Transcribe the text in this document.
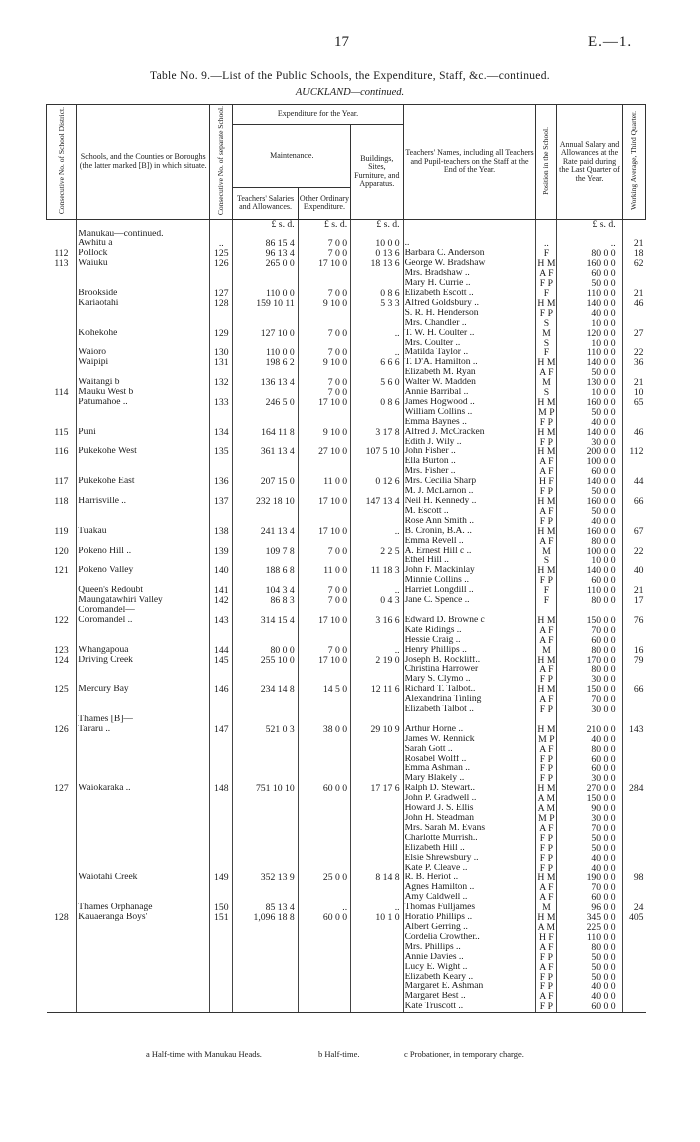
17	E.—1.
Table No. 9.—List of the Public Schools, the Expenditure, Staff, &c.—continued.
AUCKLAND—continued.
Consecutive No. of School District.	Schools, and the Counties or Boroughs (the latter marked [B]) in which situate.	Consecutive No. of separate School.	Expenditure for the Year.			Teachers' Names, including all Teachers and Pupil-teachers on the Staff at the End of the Year.	Position in the School.	Annual Salary and Allowances at the Rate paid during the Last Quarter of the Year.	Working Average, Third Quarter.
			Maintenance.		Buildings, Sites, Furniture, and Apparatus.				
			Teachers' Salaries and Allowances.	Other Ordinary Expenditure.					
			£ s. d.	£ s. d.	£ s. d.			£ s. d.	
	Manukau—continued.								
	Awhitu a	..	86 15 4	7 0 0	10 0 0	..	..	..	21
112	Pollock	125	96 13 4	7 0 0	0 13 6	Barbara C. Anderson	F	80 0 0	18
113	Waiuku	126	265 0 0	17 10 0	18 13 6	George W. Bradshaw	H M	160 0 0	62
						Mrs. Bradshaw ..	A F	60 0 0	
						Mary H. Currie ..	F P	50 0 0	
	Brookside	127	110 0 0	7 0 0	0 8 6	Elizabeth Escott ..	F	110 0 0	21
	Kariaotahi	128	159 10 11	9 10 0	5 3 3	Alfred Goldsbury ..	H M	140 0 0	46
						S. R. H. Henderson	F P	40 0 0	
						Mrs. Chandler ..	S	10 0 0	
	Kohekohe	129	127 10 0	7 0 0	..	T. W. H. Coulter ..	M	120 0 0	27
						Mrs. Coulter ..	S	10 0 0	
	Waioro	130	110 0 0	7 0 0	..	Matilda Taylor ..	F	110 0 0	22
	Waipipi	131	198 6 2	9 10 0	6 6 6	T. D'A. Hamilton ..	H M	140 0 0	36
						Elizabeth M. Ryan	A F	50 0 0	
	Waitangi b	132	136 13 4	7 0 0	5 6 0	Walter W. Madden	M	130 0 0	21
114	Mauku West b			7 0 0		Annie Barribal ..	S	10 0 0	10
	Patumahoe ..	133	246 5 0	17 10 0	0 8 6	James Hogwood ..	H M	160 0 0	65
						William Collins ..	M P	50 0 0	
						Emma Baynes ..	F P	40 0 0	
115	Puni	134	164 11 8	9 10 0	3 17 8	Alfred J. McCracken	H M	140 0 0	46
						Edith J. Wily ..	F P	30 0 0	
116	Pukekohe West	135	361 13 4	27 10 0	107 5 10	John Fisher ..	H M	200 0 0	112
						Ella Burton ..	A F	100 0 0	
						Mrs. Fisher ..	A F	60 0 0	
117	Pukekohe East	136	207 15 0	11 0 0	0 12 6	Mrs. Cecilia Sharp	H F	140 0 0	44
						M. J. McLarnon ..	F P	50 0 0	
118	Harrisville ..	137	232 18 10	17 10 0	147 13 4	Neil H. Kennedy ..	H M	160 0 0	66
						M. Escott ..	A F	50 0 0	
						Rose Ann Smith ..	F P	40 0 0	
119	Tuakau	138	241 13 4	17 10 0	..	B. Cronin, B.A. ..	H M	160 0 0	67
						Emma Revell ..	A F	80 0 0	
120	Pokeno Hill ..	139	109 7 8	7 0 0	2 2 5	A. Ernest Hill c ..	M	100 0 0	22
						Ethel Hill ..	S	10 0 0	
121	Pokeno Valley	140	188 6 8	11 0 0	11 18 3	John F. Mackinlay	H M	140 0 0	40
						Minnie Collins ..	F P	60 0 0	
	Queen's Redoubt	141	104 3 4	7 0 0	..	Harriet Longdill ..	F	110 0 0	21
	Maungatawhiri Valley	142	86 8 3	7 0 0	0 4 3	Jane C. Spence ..	F	80 0 0	17
	Coromandel—								
122	Coromandel ..	143	314 15 4	17 10 0	3 16 6	Edward D. Browne c	H M	150 0 0	76
						Kate Ridings ..	A F	70 0 0	
						Hessie Craig ..	A F	60 0 0	
123	Whangapoua	144	80 0 0	7 0 0	..	Henry Phillips ..	M	80 0 0	16
124	Driving Creek	145	255 10 0	17 10 0	2 19 0	Joseph B. Rockliff..	H M	170 0 0	79
						Christina Harrower	A F	80 0 0	
						Mary S. Clymo ..	F P	30 0 0	
125	Mercury Bay	146	234 14 8	14 5 0	12 11 6	Richard T. Talbot..	H M	150 0 0	66
						Alexandrina Tinling	A F	70 0 0	
						Elizabeth Talbot ..	F P	30 0 0	
	Thames [B]—								
126	Tararu ..	147	521 0 3	38 0 0	29 10 9	Arthur Horne ..	H M	210 0 0	143
						James W. Rennick	M P	40 0 0	
						Sarah Gott ..	A F	80 0 0	
						Rosabel Wolff ..	F P	60 0 0	
						Emma Ashman ..	F P	60 0 0	
						Mary Blakely ..	F P	30 0 0	
127	Waiokaraka ..	148	751 10 10	60 0 0	17 17 6	Ralph D. Stewart..	H M	270 0 0	284
						John P. Gradwell ..	A M	150 0 0	
						Howard J. S. Ellis	A M	90 0 0	
						John H. Steadman	M P	30 0 0	
						Mrs. Sarah M. Evans	A F	70 0 0	
						Charlotte Murrish..	F P	50 0 0	
						Elizabeth Hill ..	F P	50 0 0	
						Elsie Shrewsbury ..	F P	40 0 0	
						Kate P. Cleave ..	F P	40 0 0	
	Waiotahi Creek	149	352 13 9	25 0 0	8 14 8	R. B. Heriot ..	H M	190 0 0	98
						Agnes Hamilton ..	A F	70 0 0	
						Amy Caldwell ..	A F	60 0 0	
	Thames Orphanage	150	85 13 4	..	..	Thomas Fulljames	M	96 0 0	24
128	Kauaeranga Boys'	151	1,096 18 8	60 0 0	10 1 0	Horatio Phillips ..	H M	345 0 0	405
						Albert Gerring ..	A M	225 0 0	
						Cordelia Crowther..	H F	110 0 0	
						Mrs. Phillips ..	A F	80 0 0	
						Annie Davies ..	F P	50 0 0	
						Lucy E. Wight ..	A F	50 0 0	
						Elizabeth Keary ..	F P	50 0 0	
						Margaret E. Ashman	F P	40 0 0	
						Margaret Best ..	A F	40 0 0	
						Kate Truscott ..	F P	60 0 0	
a Half-time with Manukau Heads.	b Half-time.	c Probationer, in temporary charge.
